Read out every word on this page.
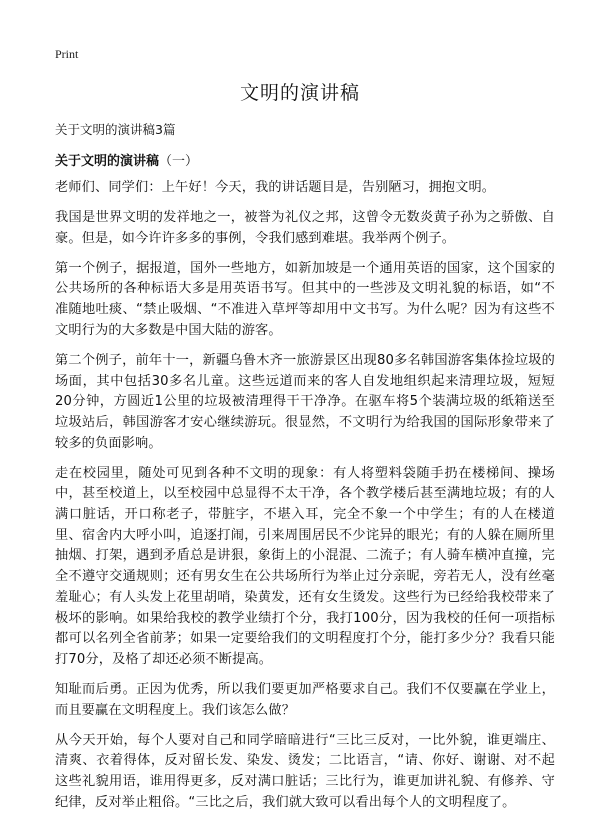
Print
文明的演讲稿
关于文明的演讲稿3篇
关于文明的演讲稿（一）

老师们、同学们：上午好！今天，我的讲话题目是，告别陋习，拥抱文明。

我国是世界文明的发祥地之一，被誉为礼仪之邦，这曾令无数炎黄子孙为之骄傲、自豪。但是，如今许许多多的事例，令我们感到难堪。我举两个例子。

第一个例子，据报道，国外一些地方，如新加坡是一个通用英语的国家，这个国家的公共场所的各种标语大多是用英语书写。但其中的一些涉及文明礼貌的标语，如“不准随地吐痰、“禁止吸烟、“不准进入草坪等却用中文书写。为什么呢？因为有这些不文明行为的大多数是中国大陆的游客。

第二个例子，前年十一，新疆乌鲁木齐一旅游景区出现80多名韩国游客集体捡垃圾的场面，其中包括30多名儿童。这些远道而来的客人自发地组织起来清理垃圾，短短20分钟，方圆近1公里的垃圾被清理得干干净净。在驱车将5个装满垃圾的纸箱送至垃圾站后，韩国游客才安心继续游玩。很显然，不文明行为给我国的国际形象带来了较多的负面影响。

走在校园里，随处可见到各种不文明的现象：有人将塑料袋随手扔在楼梯间、操场中，甚至校道上，以至校园中总显得不太干净，各个教学楼后甚至满地垃圾；有的人满口脏话，开口称老子，带脏字，不堪入耳，完全不象一个中学生；有的人在楼道里、宿舍内大呼小叫，追逐打闹，引来周围居民不少诧异的眼光；有的人躲在厕所里抽烟、打架，遇到矛盾总是讲狠，象街上的小混混、二流子；有人骑车横冲直撞，完全不遵守交通规则；还有男女生在公共场所行为举止过分亲昵，旁若无人，没有丝毫羞耻心；有人头发上花里胡哨，染黄发，还有女生烫发。这些行为已经给我校带来了极坏的影响。如果给我校的教学业绩打个分，我打100分，因为我校的任何一项指标都可以名列全省前茅；如果一定要给我们的文明程度打个分，能打多少分？我看只能打70分，及格了却还必须不断提高。

知耻而后勇。正因为优秀，所以我们要更加严格要求自己。我们不仅要赢在学业上，而且要赢在文明程度上。我们该怎么做？

从今天开始，每个人要对自己和同学暗暗进行“三比三反对，一比外貌，谁更端庄、清爽、衣着得体，反对留长发、染发、烫发；二比语言，“请、你好、谢谢、对不起这些礼貌用语，谁用得更多，反对满口脏话；三比行为，谁更加讲礼貌、有修养、守纪律，反对举止粗俗。“三比之后，我们就大致可以看出每个人的文明程度了。
